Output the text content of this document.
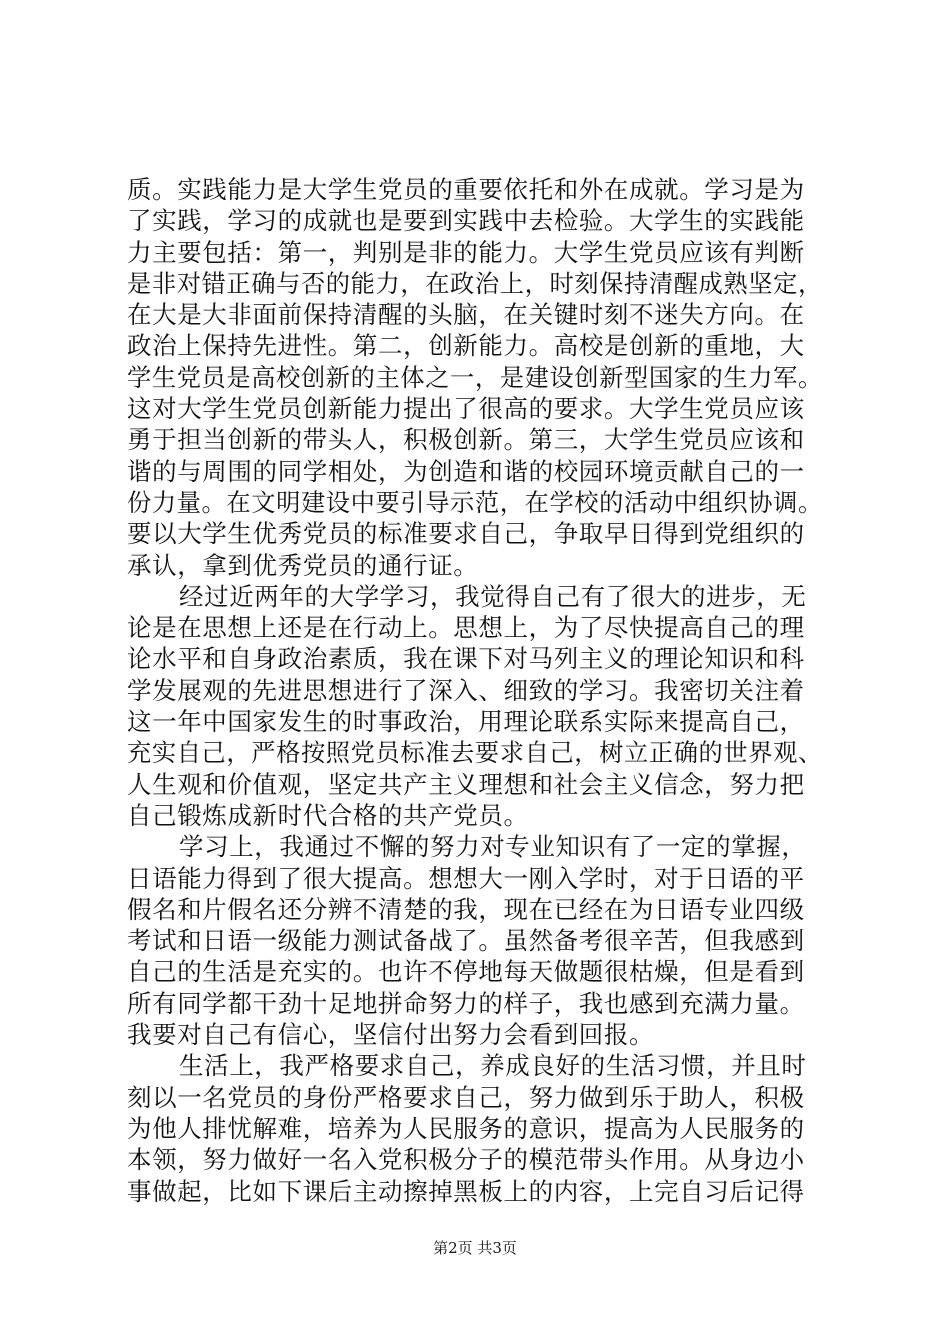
质。实践能力是大学生党员的重要依托和外在成就。学习是为
了实践，学习的成就也是要到实践中去检验。大学生的实践能
力主要包括：第一，判别是非的能力。大学生党员应该有判断
是非对错正确与否的能力，在政治上，时刻保持清醒成熟坚定，
在大是大非面前保持清醒的头脑，在关键时刻不迷失方向。在
政治上保持先进性。第二，创新能力。高校是创新的重地，大
学生党员是高校创新的主体之一，是建设创新型国家的生力军。
这对大学生党员创新能力提出了很高的要求。大学生党员应该
勇于担当创新的带头人，积极创新。第三，大学生党员应该和
谐的与周围的同学相处，为创造和谐的校园环境贡献自己的一
份力量。在文明建设中要引导示范，在学校的活动中组织协调。
要以大学生优秀党员的标准要求自己，争取早日得到党组织的
承认，拿到优秀党员的通行证。
经过近两年的大学学习，我觉得自己有了很大的进步，无
论是在思想上还是在行动上。思想上，为了尽快提高自己的理
论水平和自身政治素质，我在课下对马列主义的理论知识和科
学发展观的先进思想进行了深入、细致的学习。我密切关注着
这一年中国家发生的时事政治，用理论联系实际来提高自己，
充实自己，严格按照党员标准去要求自己，树立正确的世界观、
人生观和价值观，坚定共产主义理想和社会主义信念，努力把
自己锻炼成新时代合格的共产党员。
学习上，我通过不懈的努力对专业知识有了一定的掌握，
日语能力得到了很大提高。想想大一刚入学时，对于日语的平
假名和片假名还分辨不清楚的我，现在已经在为日语专业四级
考试和日语一级能力测试备战了。虽然备考很辛苦，但我感到
自己的生活是充实的。也许不停地每天做题很枯燥，但是看到
所有同学都干劲十足地拼命努力的样子，我也感到充满力量。
我要对自己有信心，坚信付出努力会看到回报。
生活上，我严格要求自己，养成良好的生活习惯，并且时
刻以一名党员的身份严格要求自己，努力做到乐于助人，积极
为他人排忧解难，培养为人民服务的意识，提高为人民服务的
本领，努力做好一名入党积极分子的模范带头作用。从身边小
事做起，比如下课后主动擦掉黑板上的内容，上完自习后记得
第2页 共3页
